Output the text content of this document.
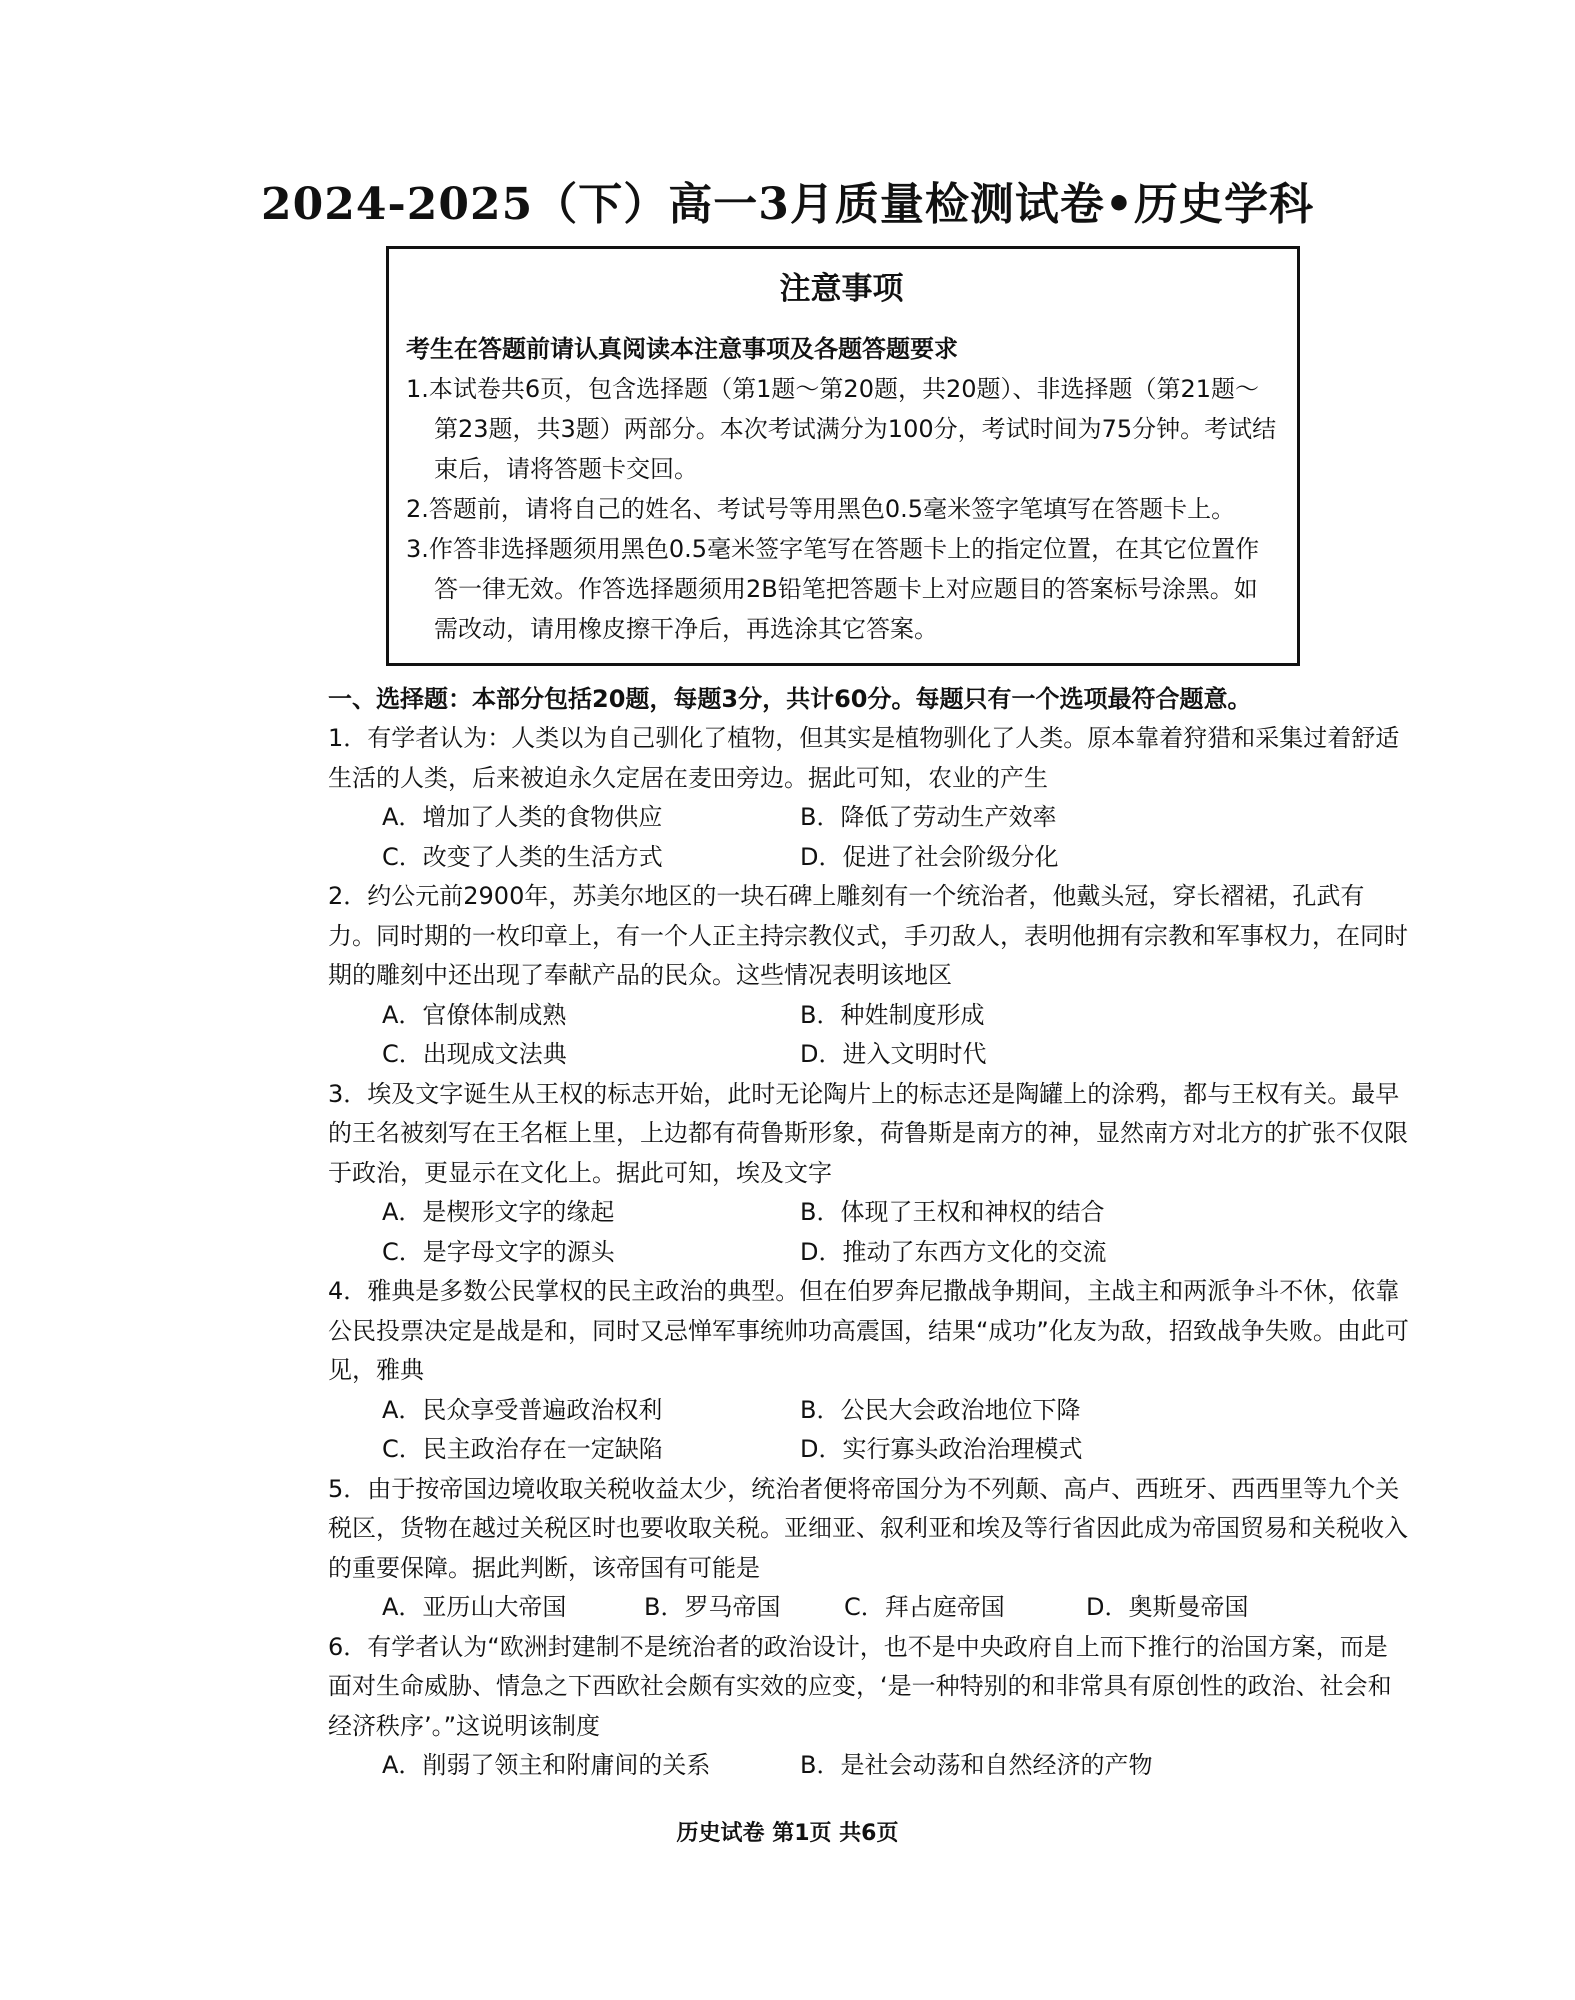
2024-2025（下）高一3月质量检测试卷•历史学科
注意事项

考生在答题前请认真阅读本注意事项及各题答题要求

1.本试卷共6页，包含选择题（第1题～第20题，共20题）、非选择题（第21题～第23题，共3题）两部分。本次考试满分为100分，考试时间为75分钟。考试结束后，请将答题卡交回。

2.答题前，请将自己的姓名、考试号等用黑色0.5毫米签字笔填写在答题卡上。

3.作答非选择题须用黑色0.5毫米签字笔写在答题卡上的指定位置，在其它位置作答一律无效。作答选择题须用2B铅笔把答题卡上对应题目的答案标号涂黑。如需改动，请用橡皮擦干净后，再选涂其它答案。

一、选择题：本部分包括20题，每题3分，共计60分。每题只有一个选项最符合题意。

1．有学者认为：人类以为自己驯化了植物，但其实是植物驯化了人类。原本靠着狩猎和采集过着舒适生活的人类，后来被迫永久定居在麦田旁边。据此可知，农业的产生

A．增加了人类的食物供应	B．降低了劳动生产效率
C．改变了人类的生活方式	D．促进了社会阶级分化

2．约公元前2900年，苏美尔地区的一块石碑上雕刻有一个统治者，他戴头冠，穿长褶裙，孔武有力。同时期的一枚印章上，有一个人正主持宗教仪式，手刃敌人，表明他拥有宗教和军事权力，在同时期的雕刻中还出现了奉献产品的民众。这些情况表明该地区

A．官僚体制成熟	B．种姓制度形成
C．出现成文法典	D．进入文明时代

3．埃及文字诞生从王权的标志开始，此时无论陶片上的标志还是陶罐上的涂鸦，都与王权有关。最早的王名被刻写在王名框上里，上边都有荷鲁斯形象，荷鲁斯是南方的神，显然南方对北方的扩张不仅限于政治，更显示在文化上。据此可知，埃及文字

A．是楔形文字的缘起	B．体现了王权和神权的结合
C．是字母文字的源头	D．推动了东西方文化的交流

4．雅典是多数公民掌权的民主政治的典型。但在伯罗奔尼撒战争期间，主战主和两派争斗不休，依靠公民投票决定是战是和，同时又忌惮军事统帅功高震国，结果“成功”化友为敌，招致战争失败。由此可见，雅典

A．民众享受普遍政治权利	B．公民大会政治地位下降
C．民主政治存在一定缺陷	D．实行寡头政治治理模式

5．由于按帝国边境收取关税收益太少，统治者便将帝国分为不列颠、高卢、西班牙、西西里等九个关税区，货物在越过关税区时也要收取关税。亚细亚、叙利亚和埃及等行省因此成为帝国贸易和关税收入的重要保障。据此判断，该帝国有可能是

A．亚历山大帝国	B．罗马帝国	C．拜占庭帝国	D．奥斯曼帝国

6．有学者认为“欧洲封建制不是统治者的政治设计，也不是中央政府自上而下推行的治国方案，而是面对生命威胁、情急之下西欧社会颇有实效的应变，‘是一种特别的和非常具有原创性的政治、社会和经济秩序’。”这说明该制度

A．削弱了领主和附庸间的关系	B．是社会动荡和自然经济的产物

历史试卷 第1页 共6页
